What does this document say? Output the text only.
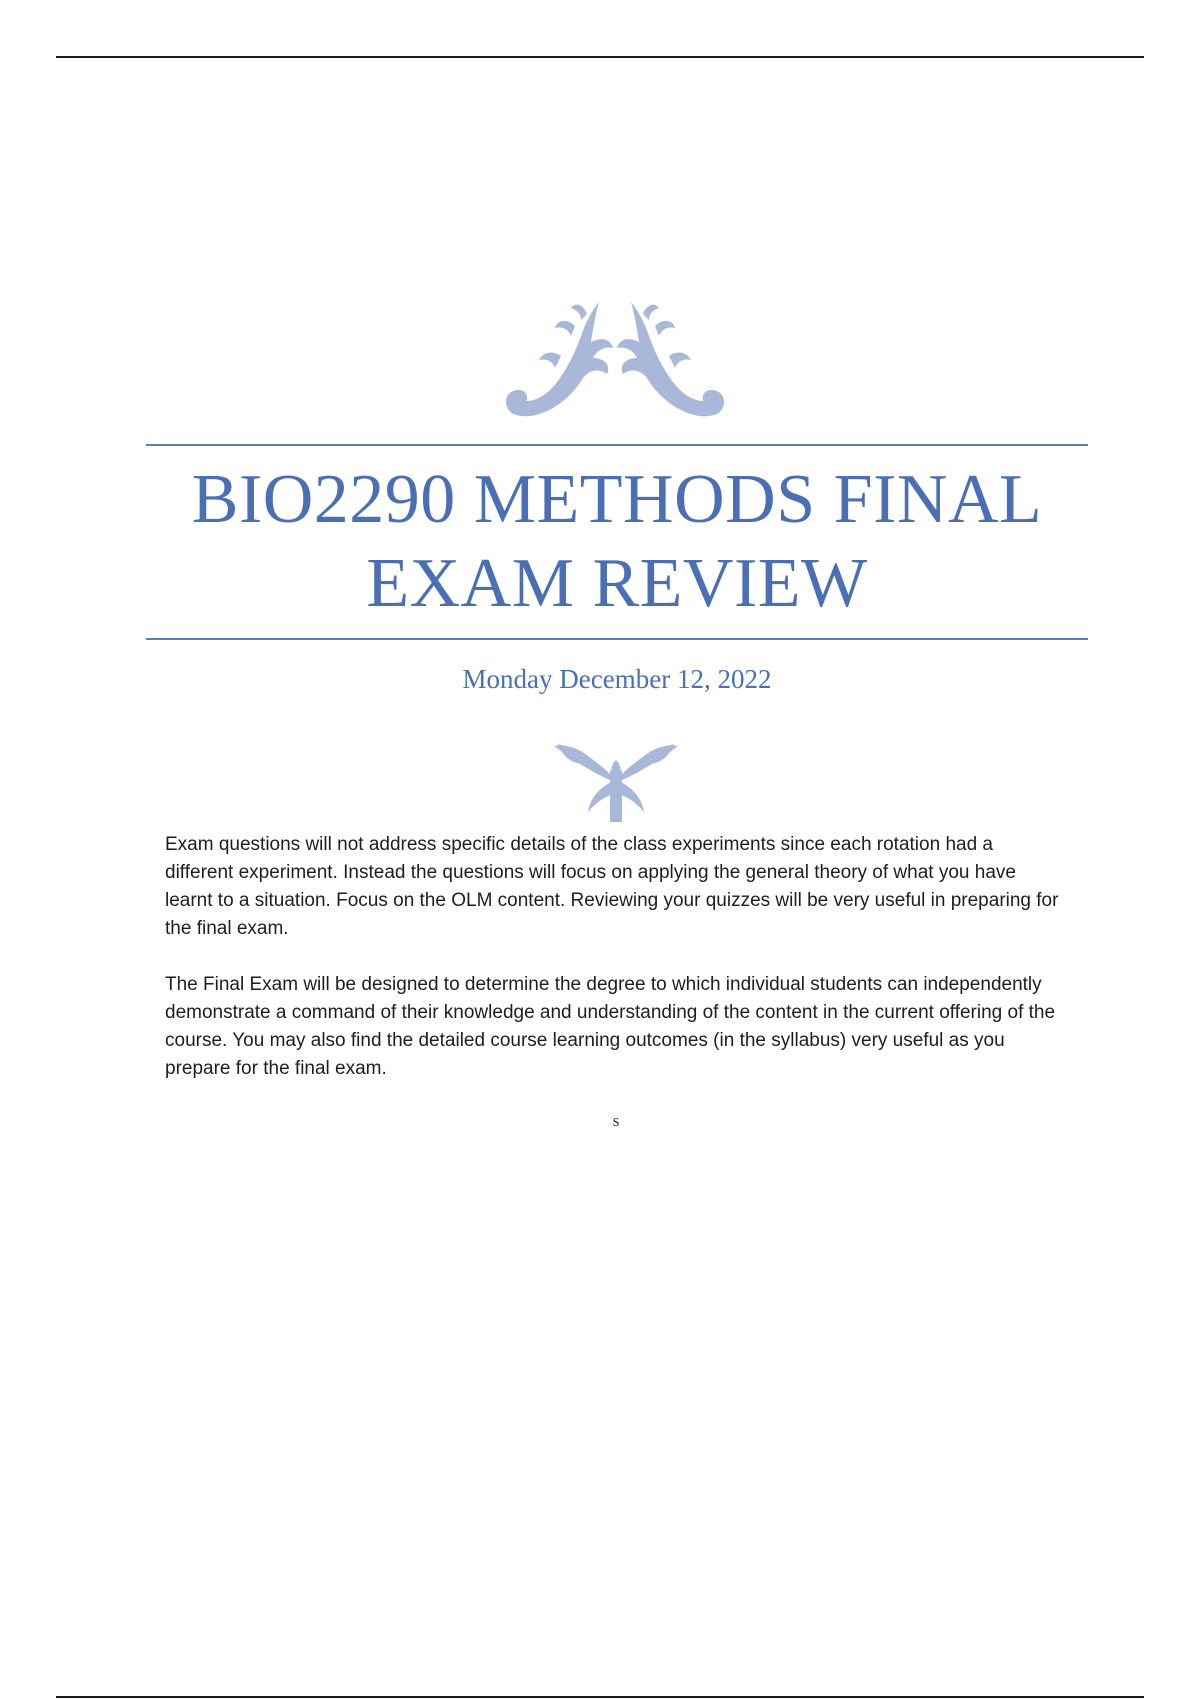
BIO2290 METHODS FINAL EXAM REVIEW
Monday December 12, 2022

Exam questions will not address specific details of the class experiments since each rotation had a different experiment. Instead the questions will focus on applying the general theory of what you have learnt to a situation. Focus on the OLM content. Reviewing your quizzes will be very useful in preparing for the final exam.

The Final Exam will be designed to determine the degree to which individual students can independently demonstrate a command of their knowledge and understanding of the content in the current offering of the course. You may also find the detailed course learning outcomes (in the syllabus) very useful as you prepare for the final exam.

s
